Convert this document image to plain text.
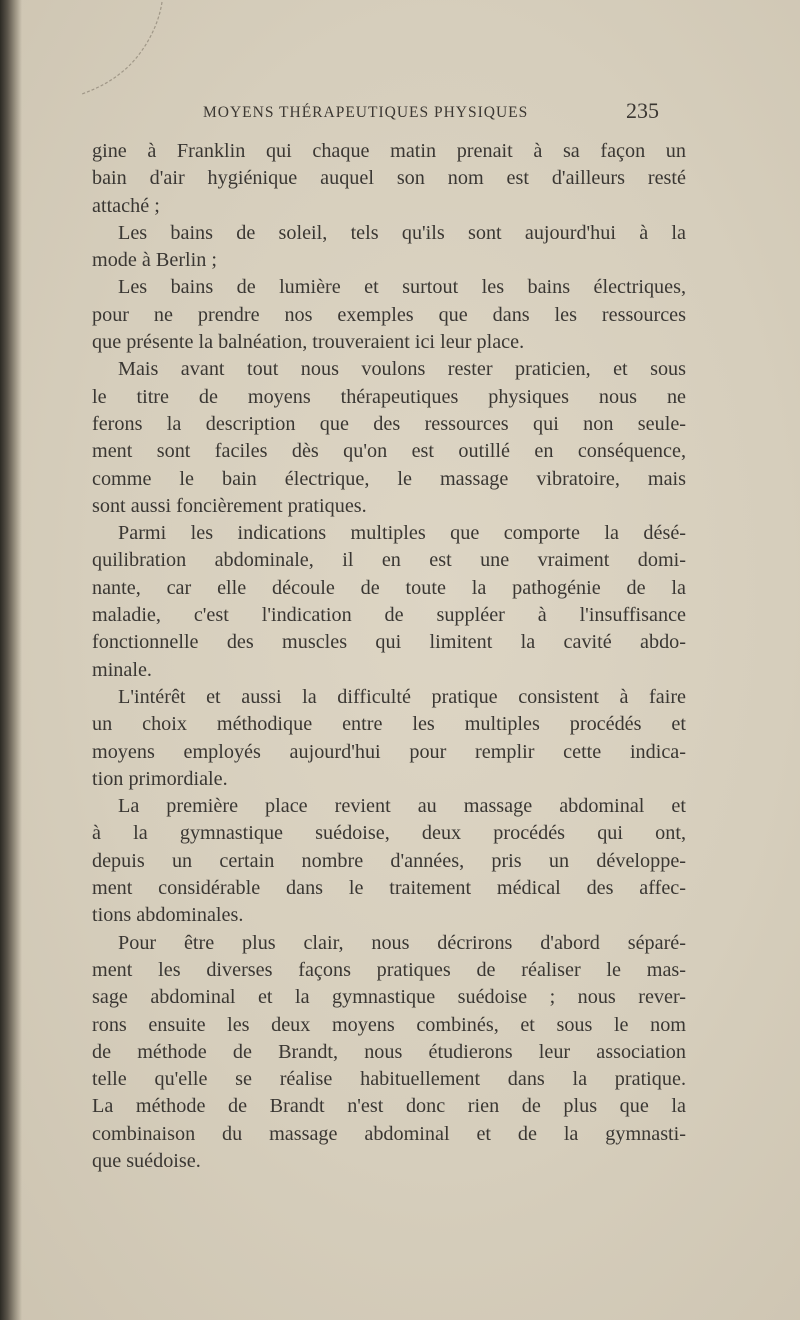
MOYENS THÉRAPEUTIQUES PHYSIQUES	235
gine à Franklin qui chaque matin prenait à sa façon un
bain d'air hygiénique auquel son nom est d'ailleurs resté
attaché ;
Les bains de soleil, tels qu'ils sont aujourd'hui à la
mode à Berlin ;
Les bains de lumière et surtout les bains électriques,
pour ne prendre nos exemples que dans les ressources
que présente la balnéation, trouveraient ici leur place.
Mais avant tout nous voulons rester praticien, et sous
le titre de moyens thérapeutiques physiques nous ne
ferons la description que des ressources qui non seule-
ment sont faciles dès qu'on est outillé en conséquence,
comme le bain électrique, le massage vibratoire, mais
sont aussi foncièrement pratiques.
Parmi les indications multiples que comporte la désé-
quilibration abdominale, il en est une vraiment domi-
nante, car elle découle de toute la pathogénie de la
maladie, c'est l'indication de suppléer à l'insuffisance
fonctionnelle des muscles qui limitent la cavité abdo-
minale.
L'intérêt et aussi la difficulté pratique consistent à faire
un choix méthodique entre les multiples procédés et
moyens employés aujourd'hui pour remplir cette indica-
tion primordiale.
La première place revient au massage abdominal et
à la gymnastique suédoise, deux procédés qui ont,
depuis un certain nombre d'années, pris un développe-
ment considérable dans le traitement médical des affec-
tions abdominales.
Pour être plus clair, nous décrirons d'abord séparé-
ment les diverses façons pratiques de réaliser le mas-
sage abdominal et la gymnastique suédoise ; nous rever-
rons ensuite les deux moyens combinés, et sous le nom
de méthode de Brandt, nous étudierons leur association
telle qu'elle se réalise habituellement dans la pratique.
La méthode de Brandt n'est donc rien de plus que la
combinaison du massage abdominal et de la gymnasti-
que suédoise.
